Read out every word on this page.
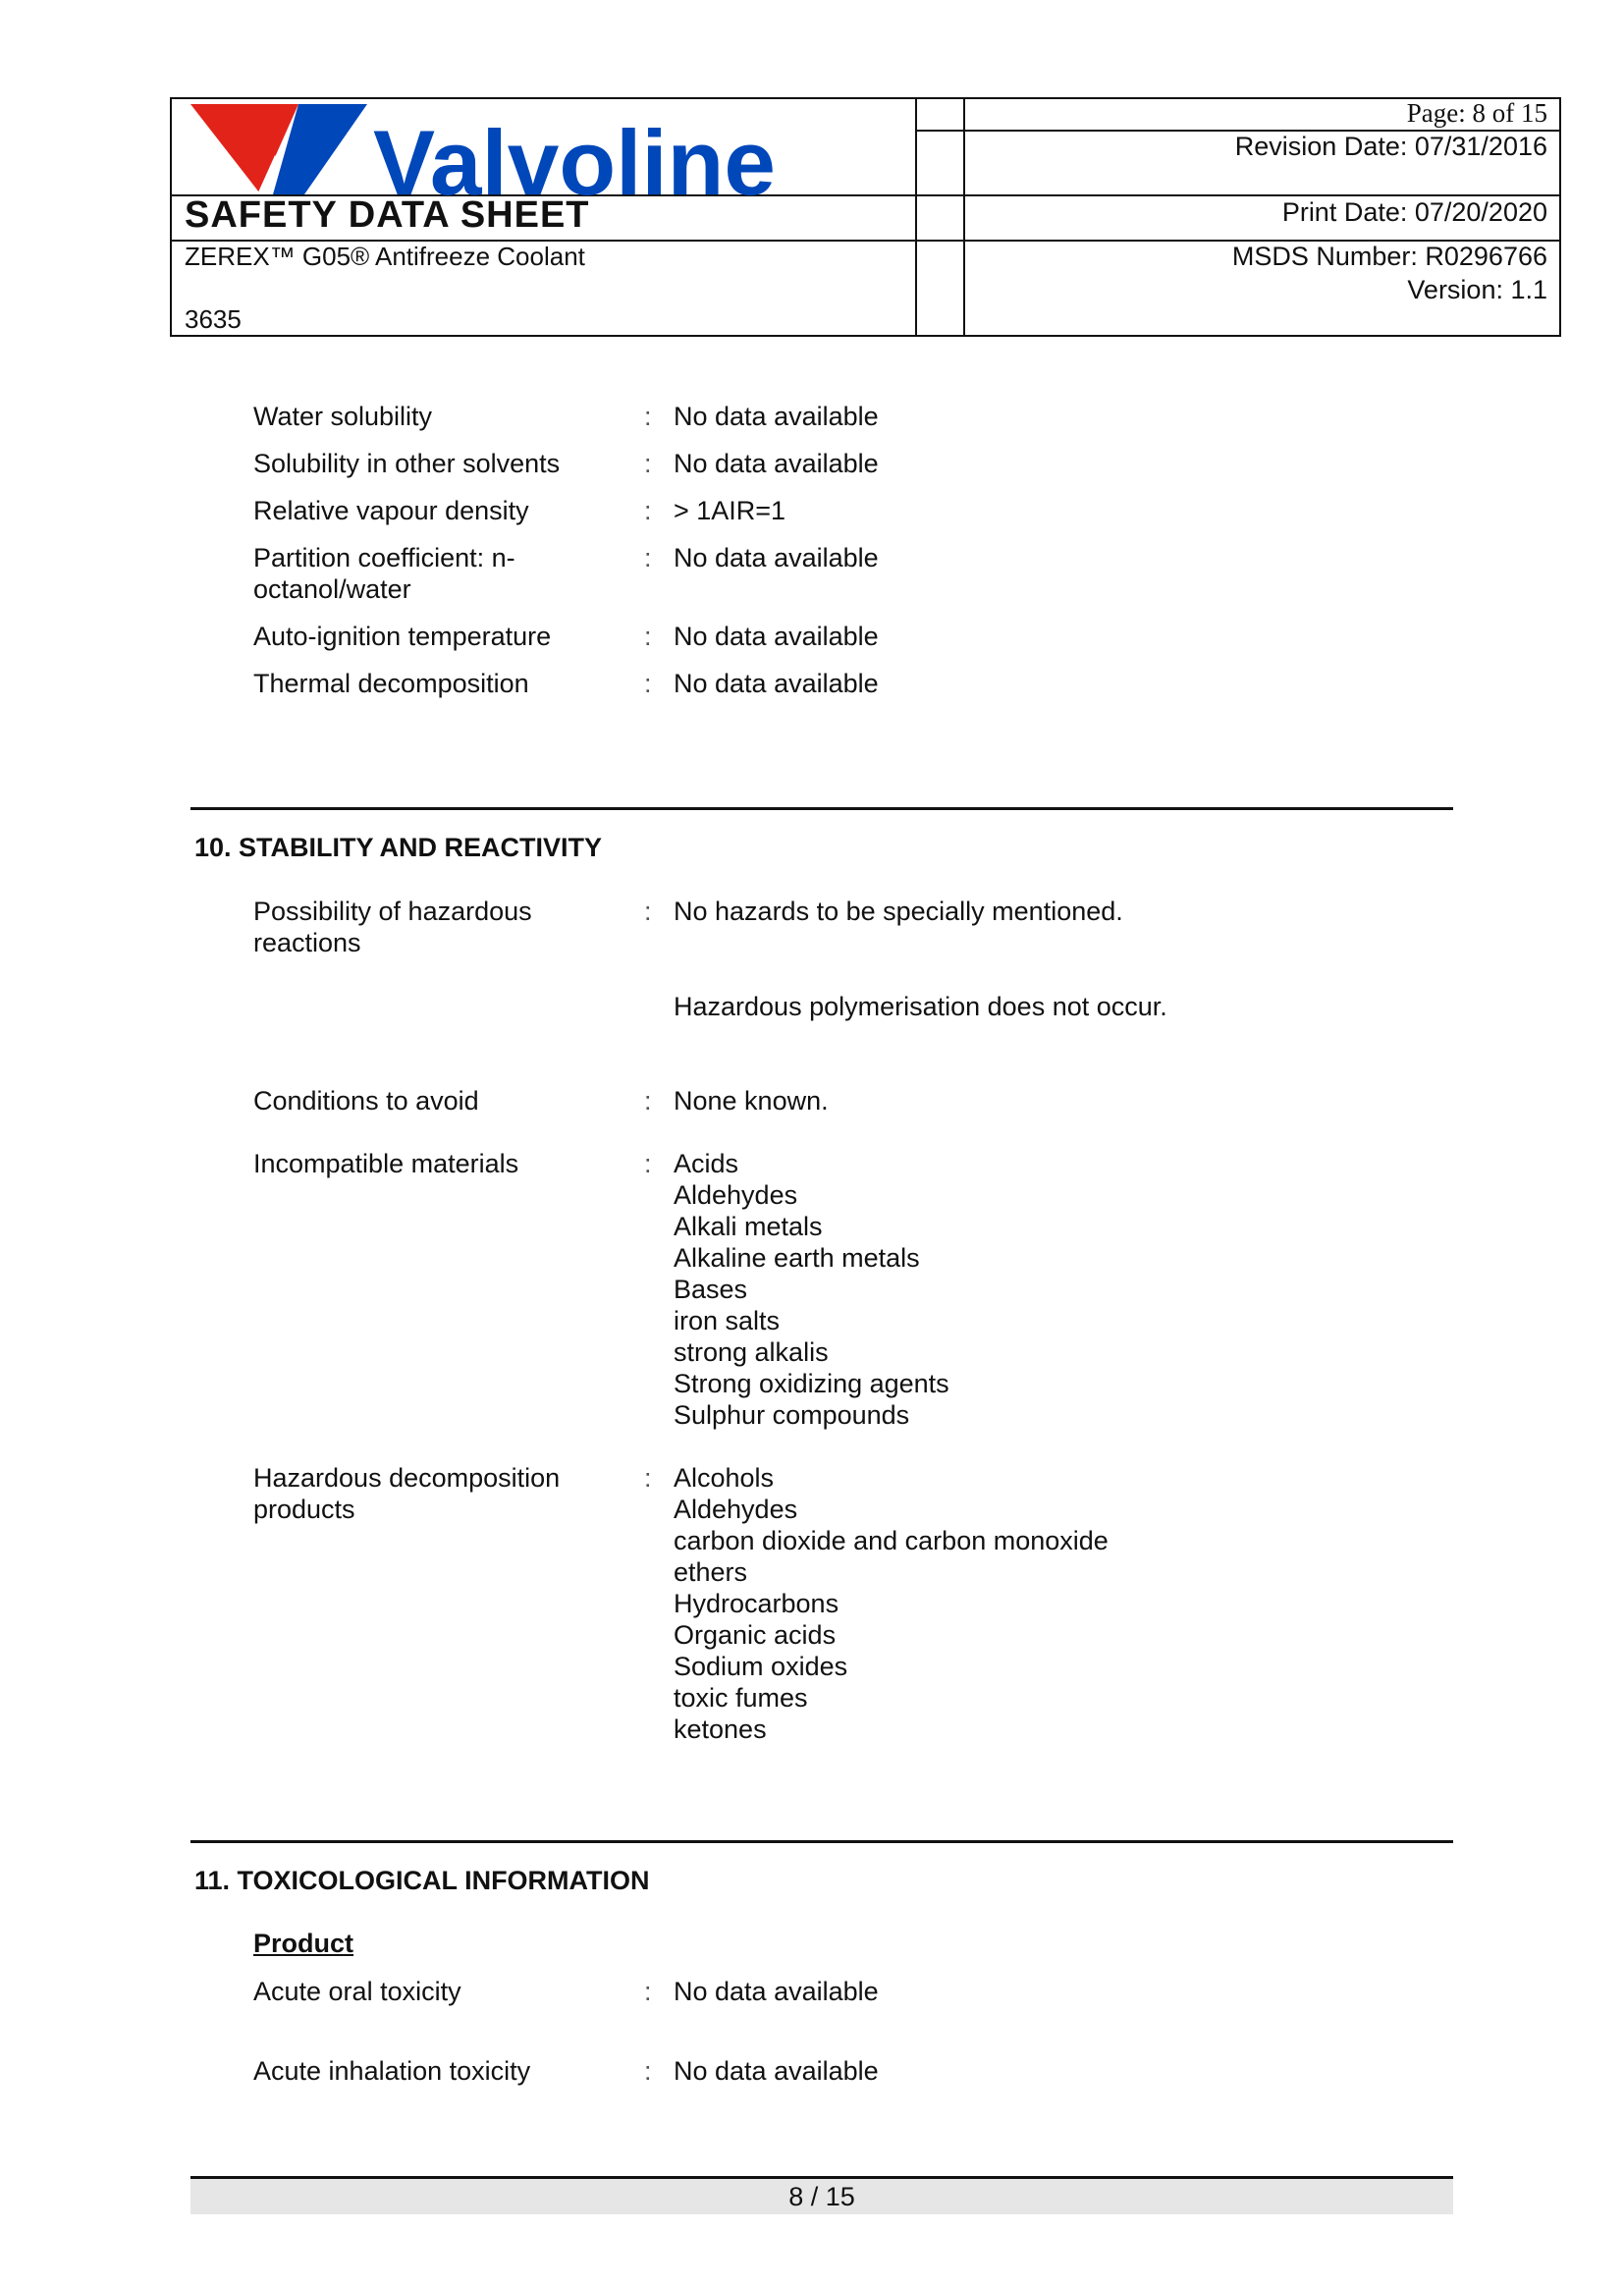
Valvoline
SAFETY DATA SHEET
ZEREX™ G05® Antifreeze Coolant
3635
Page: 8 of 15
Revision Date: 07/31/2016
Print Date: 07/20/2020
MSDS Number: R0296766
Version: 1.1
Water solubility	: No data available
Solubility in other solvents	: No data available
Relative vapour density	: > 1AIR=1
Partition coefficient: n-octanol/water
: No data available
Auto-ignition temperature	: No data available
Thermal decomposition	: No data available
10. STABILITY AND REACTIVITY
Possibility of hazardous reactions
: No hazards to be specially mentioned.
Hazardous polymerisation does not occur.
Conditions to avoid	: None known.
Incompatible materials	: Acids
Aldehydes
Alkali metals
Alkaline earth metals
Bases
iron salts
strong alkalis
Strong oxidizing agents
Sulphur compounds
Hazardous decomposition products
: Alcohols
Aldehydes
carbon dioxide and carbon monoxide
ethers
Hydrocarbons
Organic acids
Sodium oxides
toxic fumes
ketones
11. TOXICOLOGICAL INFORMATION
Product
Acute oral toxicity	: No data available
Acute inhalation toxicity	: No data available
8 / 15
